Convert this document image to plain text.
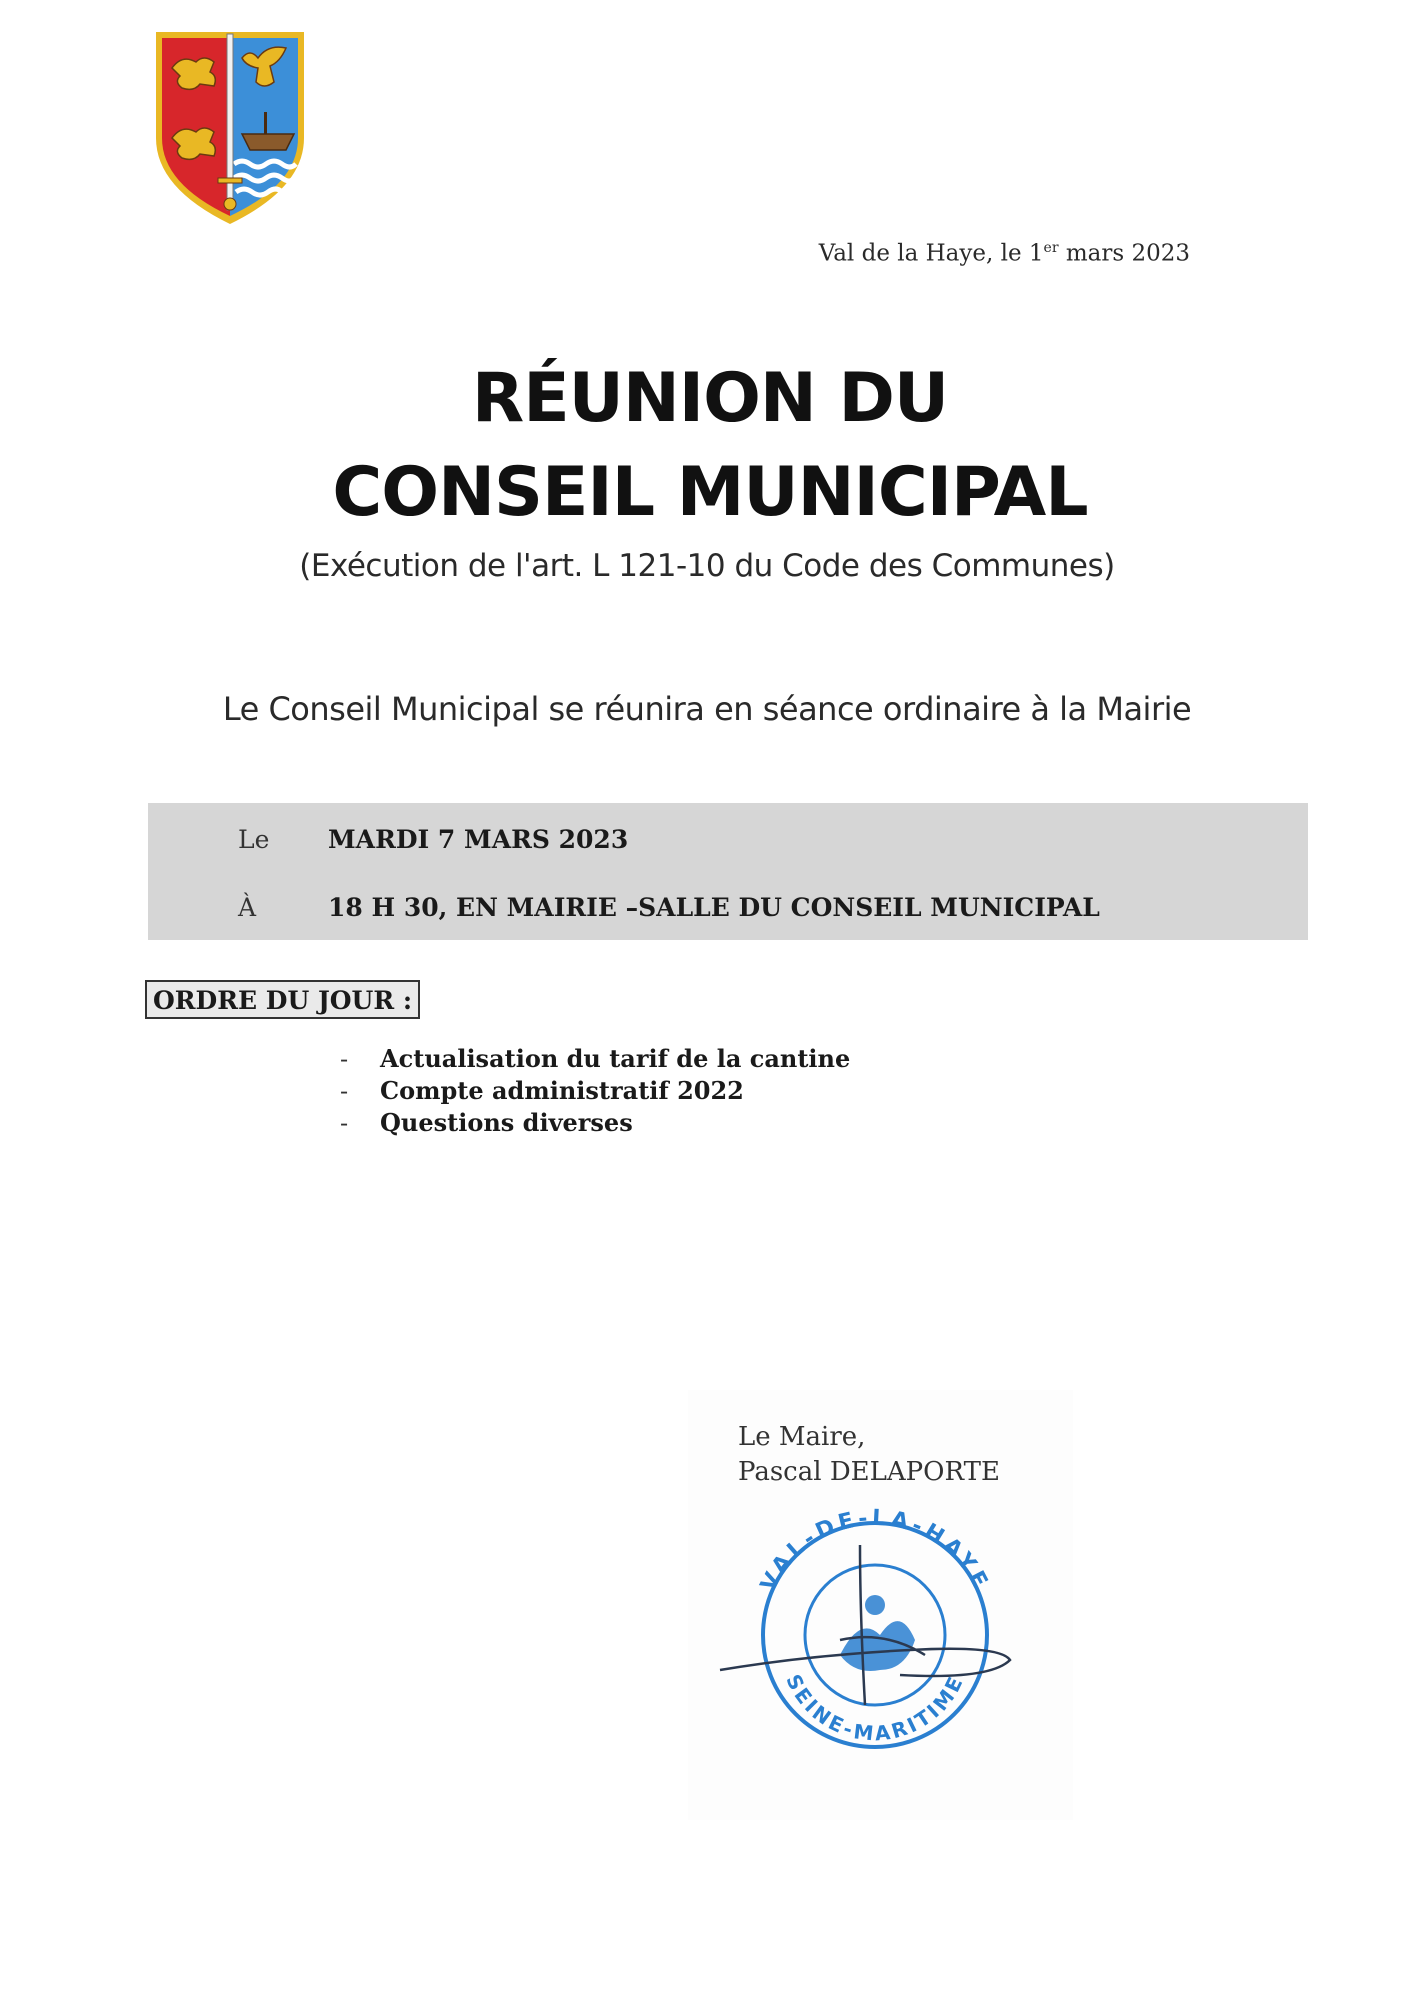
Val de la Haye, le 1er mars 2023
RÉUNION DU CONSEIL MUNICIPAL
(Exécution de l'art. L 121-10 du Code des Communes)
Le Conseil Municipal se réunira en séance ordinaire à la Mairie
Le MARDI 7 MARS 2023
À	18 H 30, EN MAIRIE –SALLE DU CONSEIL MUNICIPAL
ORDRE DU JOUR :
- Actualisation du tarif de la cantine
- Compte administratif 2022
- Questions diverses
Le Maire,
Pascal DELAPORTE
VAL-DE-LA-HAYE
SEINE-MARITIME
